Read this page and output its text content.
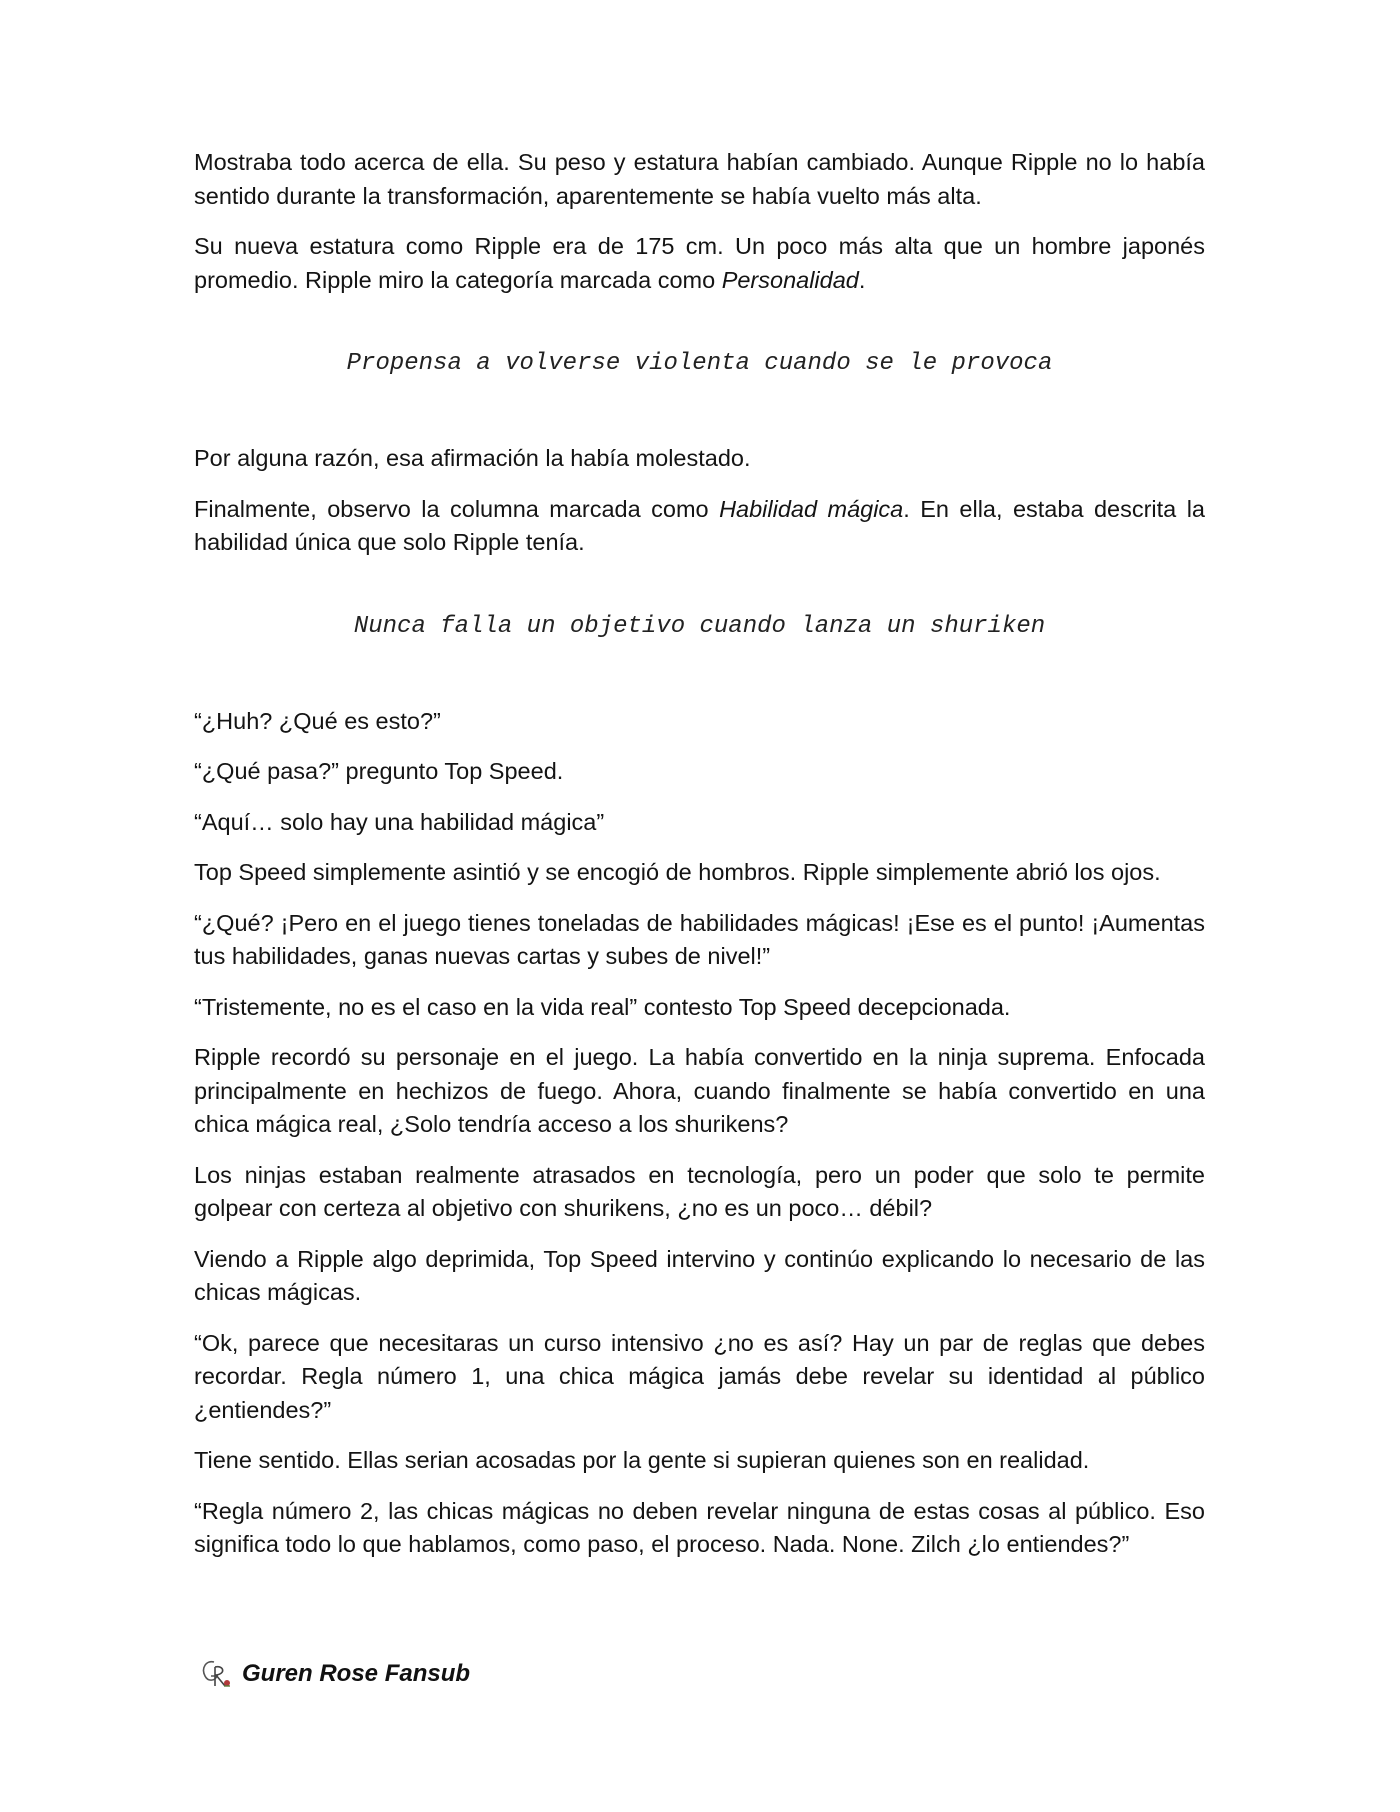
Mostraba todo acerca de ella. Su peso y estatura habían cambiado. Aunque Ripple no lo había sentido durante la transformación, aparentemente se había vuelto más alta.

Su nueva estatura como Ripple era de 175 cm. Un poco más alta que un hombre japonés promedio. Ripple miro la categoría marcada como Personalidad.

Propensa a volverse violenta cuando se le provoca

Por alguna razón, esa afirmación la había molestado.

Finalmente, observo la columna marcada como Habilidad mágica. En ella, estaba descrita la habilidad única que solo Ripple tenía.

Nunca falla un objetivo cuando lanza un shuriken

“¿Huh? ¿Qué es esto?”

“¿Qué pasa?” pregunto Top Speed.

“Aquí… solo hay una habilidad mágica”

Top Speed simplemente asintió y se encogió de hombros. Ripple simplemente abrió los ojos.

“¿Qué? ¡Pero en el juego tienes toneladas de habilidades mágicas! ¡Ese es el punto! ¡Aumentas tus habilidades, ganas nuevas cartas y subes de nivel!”

“Tristemente, no es el caso en la vida real” contesto Top Speed decepcionada.

Ripple recordó su personaje en el juego. La había convertido en la ninja suprema. Enfocada principalmente en hechizos de fuego. Ahora, cuando finalmente se había convertido en una chica mágica real, ¿Solo tendría acceso a los shurikens?

Los ninjas estaban realmente atrasados en tecnología, pero un poder que solo te permite golpear con certeza al objetivo con shurikens, ¿no es un poco… débil?

Viendo a Ripple algo deprimida, Top Speed intervino y continúo explicando lo necesario de las chicas mágicas.

“Ok, parece que necesitaras un curso intensivo ¿no es así? Hay un par de reglas que debes recordar. Regla número 1, una chica mágica jamás debe revelar su identidad al público ¿entiendes?”

Tiene sentido. Ellas serian acosadas por la gente si supieran quienes son en realidad.

“Regla número 2, las chicas mágicas no deben revelar ninguna de estas cosas al público. Eso significa todo lo que hablamos, como paso, el proceso. Nada. None. Zilch ¿lo entiendes?”

Guren Rose Fansub
